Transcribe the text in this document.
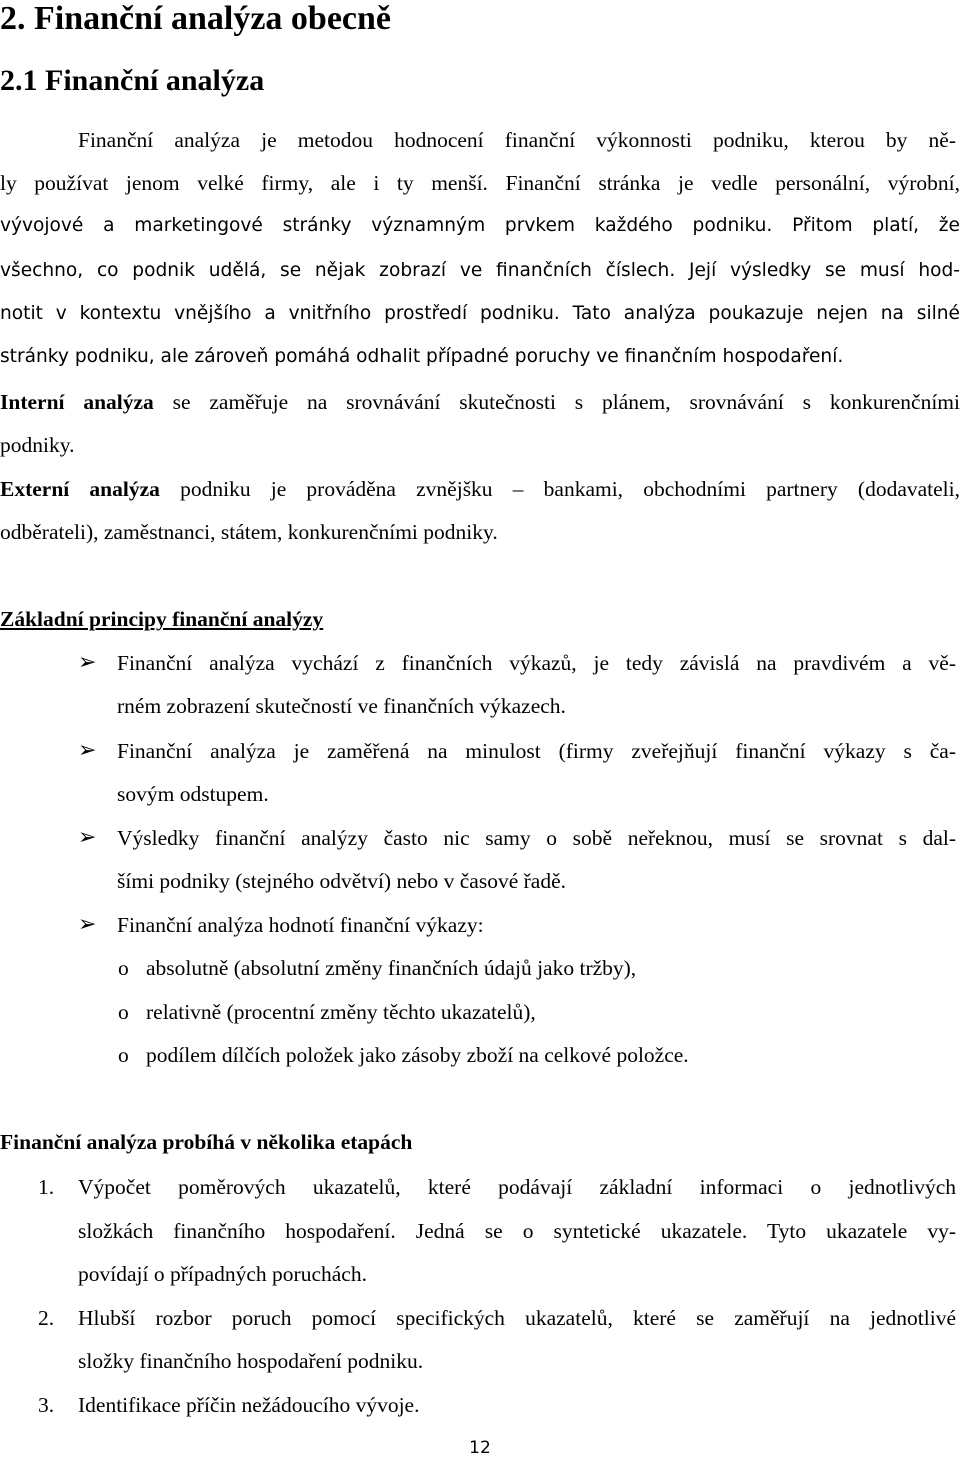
2. Finanční analýza obecně
2.1 Finanční analýza
Finanční analýza je metodou hodnocení finanční výkonnosti podniku, kterou by ně-
ly používat jenom velké firmy, ale i ty menší. Finanční stránka je vedle personální, výrobní,
vývojové a marketingové stránky významným prvkem každého podniku. Přitom platí, že
všechno, co podnik udělá, se nějak zobrazí ve finančních číslech. Její výsledky se musí hod-
notit v kontextu vnějšího a vnitřního prostředí podniku. Tato analýza poukazuje nejen na silné
stránky podniku, ale zároveň pomáhá odhalit případné poruchy ve finančním hospodaření.
Interní analýza se zaměřuje na srovnávání skutečnosti s plánem, srovnávání s konkurenčními
podniky.
Externí analýza podniku je prováděna zvnějšku – bankami, obchodními partnery (dodavateli,
odběrateli), zaměstnanci, státem, konkurenčními podniky.
Základní principy finanční analýzy
➢ Finanční analýza vychází z finančních výkazů, je tedy závislá na pravdivém a vě-
rném zobrazení skutečností ve finančních výkazech.
➢ Finanční analýza je zaměřená na minulost (firmy zveřejňují finanční výkazy s ča-
sovým odstupem.
➢ Výsledky finanční analýzy často nic samy o sobě neřeknou, musí se srovnat s dal-
šími podniky (stejného odvětví) nebo v časové řadě.
➢ Finanční analýza hodnotí finanční výkazy:
o absolutně (absolutní změny finančních údajů jako tržby),
o relativně (procentní změny těchto ukazatelů),
o podílem dílčích položek jako zásoby zboží na celkové položce.
Finanční analýza probíhá v několika etapách
1. Výpočet poměrových ukazatelů, které podávají základní informaci o jednotlivých
složkách finančního hospodaření. Jedná se o syntetické ukazatele. Tyto ukazatele vy-
povídají o případných poruchách.
2. Hlubší rozbor poruch pomocí specifických ukazatelů, které se zaměřují na jednotlivé
složky finančního hospodaření podniku.
3. Identifikace příčin nežádoucího vývoje.
12
